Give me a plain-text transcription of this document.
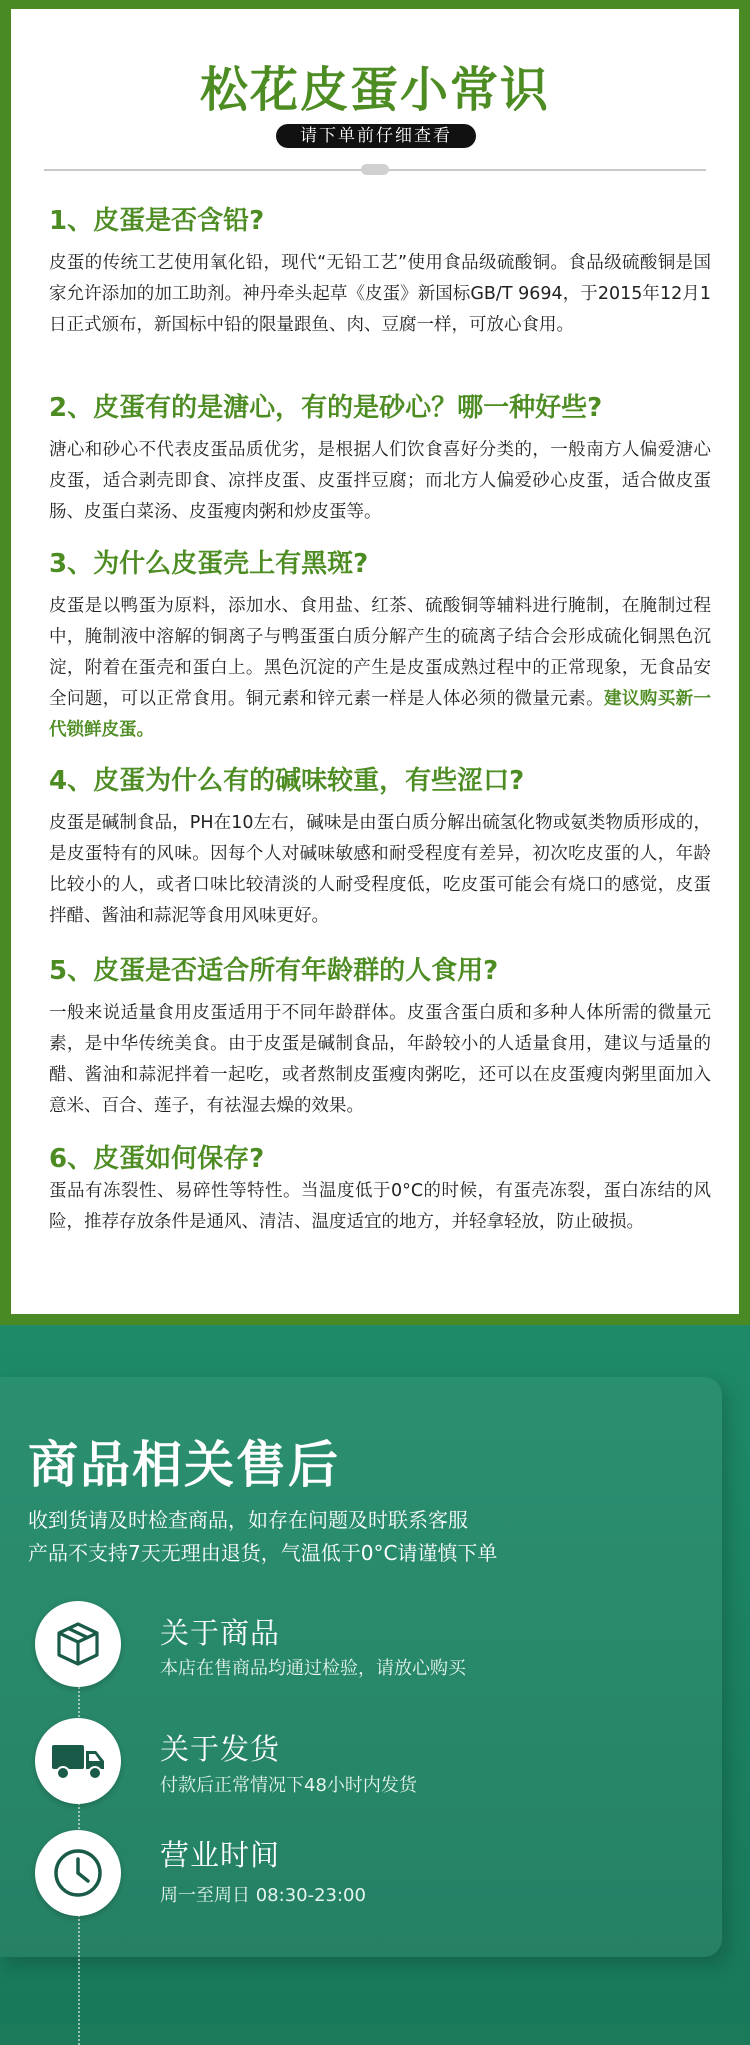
松花皮蛋小常识
请下单前仔细查看
1、皮蛋是否含铅?

皮蛋的传统工艺使用氧化铅，现代“无铅工艺”使用食品级硫酸铜。食品级硫酸铜是国家允许添加的加工助剂。神丹牵头起草《皮蛋》新国标GB/T 9694，于2015年12月1日正式颁布，新国标中铅的限量跟鱼、肉、豆腐一样，可放心食用。

2、皮蛋有的是溏心，有的是砂心？哪一种好些?

溏心和砂心不代表皮蛋品质优劣，是根据人们饮食喜好分类的，一般南方人偏爱溏心皮蛋，适合剥壳即食、凉拌皮蛋、皮蛋拌豆腐；而北方人偏爱砂心皮蛋，适合做皮蛋肠、皮蛋白菜汤、皮蛋瘦肉粥和炒皮蛋等。

3、为什么皮蛋壳上有黑斑?

皮蛋是以鸭蛋为原料，添加水、食用盐、红茶、硫酸铜等辅料进行腌制，在腌制过程中，腌制液中溶解的铜离子与鸭蛋蛋白质分解产生的硫离子结合会形成硫化铜黑色沉淀，附着在蛋壳和蛋白上。黑色沉淀的产生是皮蛋成熟过程中的正常现象，无食品安全问题，可以正常食用。铜元素和锌元素一样是人体必须的微量元素。建议购买新一代锁鲜皮蛋。

4、皮蛋为什么有的碱味较重，有些涩口?

皮蛋是碱制食品，PH在10左右，碱味是由蛋白质分解出硫氢化物或氨类物质形成的，是皮蛋特有的风味。因每个人对碱味敏感和耐受程度有差异，初次吃皮蛋的人，年龄比较小的人，或者口味比较清淡的人耐受程度低，吃皮蛋可能会有烧口的感觉，皮蛋拌醋、酱油和蒜泥等食用风味更好。

5、皮蛋是否适合所有年龄群的人食用?

一般来说适量食用皮蛋适用于不同年龄群体。皮蛋含蛋白质和多种人体所需的微量元素，是中华传统美食。由于皮蛋是碱制食品，年龄较小的人适量食用，建议与适量的醋、酱油和蒜泥拌着一起吃，或者熬制皮蛋瘦肉粥吃，还可以在皮蛋瘦肉粥里面加入意米、百合、莲子，有祛湿去燥的效果。

6、皮蛋如何保存?

蛋品有冻裂性、易碎性等特性。当温度低于0°C的时候，有蛋壳冻裂，蛋白冻结的风险，推荐存放条件是通风、清洁、温度适宜的地方，并轻拿轻放，防止破损。

商品相关售后
收到货请及时检查商品，如存在问题及时联系客服
产品不支持7天无理由退货，气温低于0°C请谨慎下单
关于商品
本店在售商品均通过检验，请放心购买
关于发货
付款后正常情况下48小时内发货
营业时间
周一至周日 08:30-23:00
